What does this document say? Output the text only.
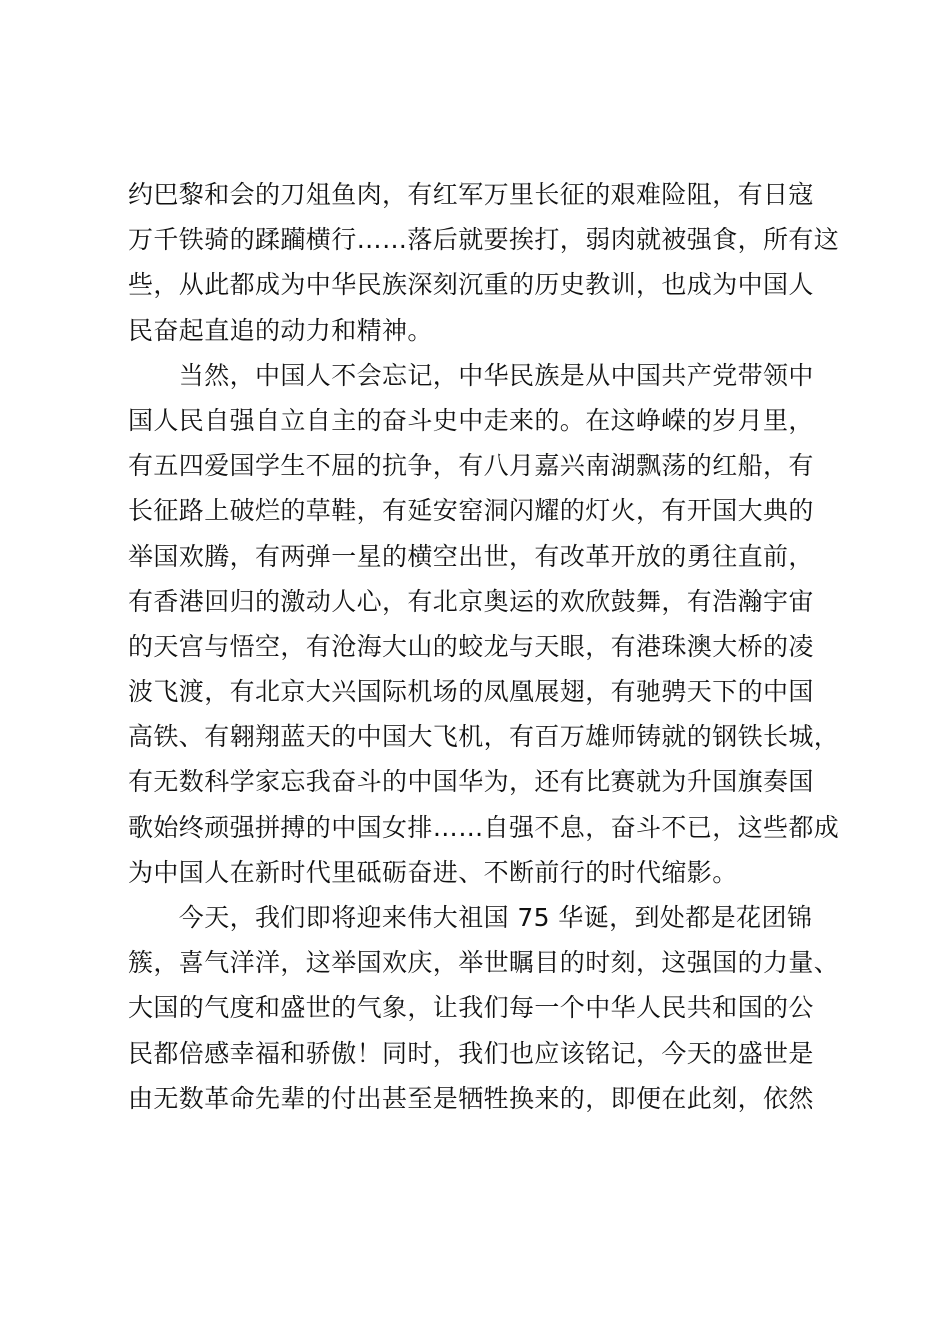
约巴黎和会的刀俎鱼肉，有红军万里长征的艰难险阻，有日寇

万千铁骑的蹂躏横行……落后就要挨打，弱肉就被强食，所有这

些，从此都成为中华民族深刻沉重的历史教训，也成为中国人

民奋起直追的动力和精神。

　　当然，中国人不会忘记，中华民族是从中国共产党带领中

国人民自强自立自主的奋斗史中走来的。在这峥嵘的岁月里，

有五四爱国学生不屈的抗争，有八月嘉兴南湖飘荡的红船，有

长征路上破烂的草鞋，有延安窑洞闪耀的灯火，有开国大典的

举国欢腾，有两弹一星的横空出世，有改革开放的勇往直前，

有香港回归的激动人心，有北京奥运的欢欣鼓舞，有浩瀚宇宙

的天宫与悟空，有沧海大山的蛟龙与天眼，有港珠澳大桥的凌

波飞渡，有北京大兴国际机场的凤凰展翅，有驰骋天下的中国

高铁、有翱翔蓝天的中国大飞机，有百万雄师铸就的钢铁长城，

有无数科学家忘我奋斗的中国华为，还有比赛就为升国旗奏国

歌始终顽强拼搏的中国女排……自强不息，奋斗不已，这些都成

为中国人在新时代里砥砺奋进、不断前行的时代缩影。

　　今天，我们即将迎来伟大祖国 75 华诞，到处都是花团锦

簇，喜气洋洋，这举国欢庆，举世瞩目的时刻，这强国的力量、

大国的气度和盛世的气象，让我们每一个中华人民共和国的公

民都倍感幸福和骄傲！同时，我们也应该铭记，今天的盛世是

由无数革命先辈的付出甚至是牺牲换来的，即便在此刻，依然
